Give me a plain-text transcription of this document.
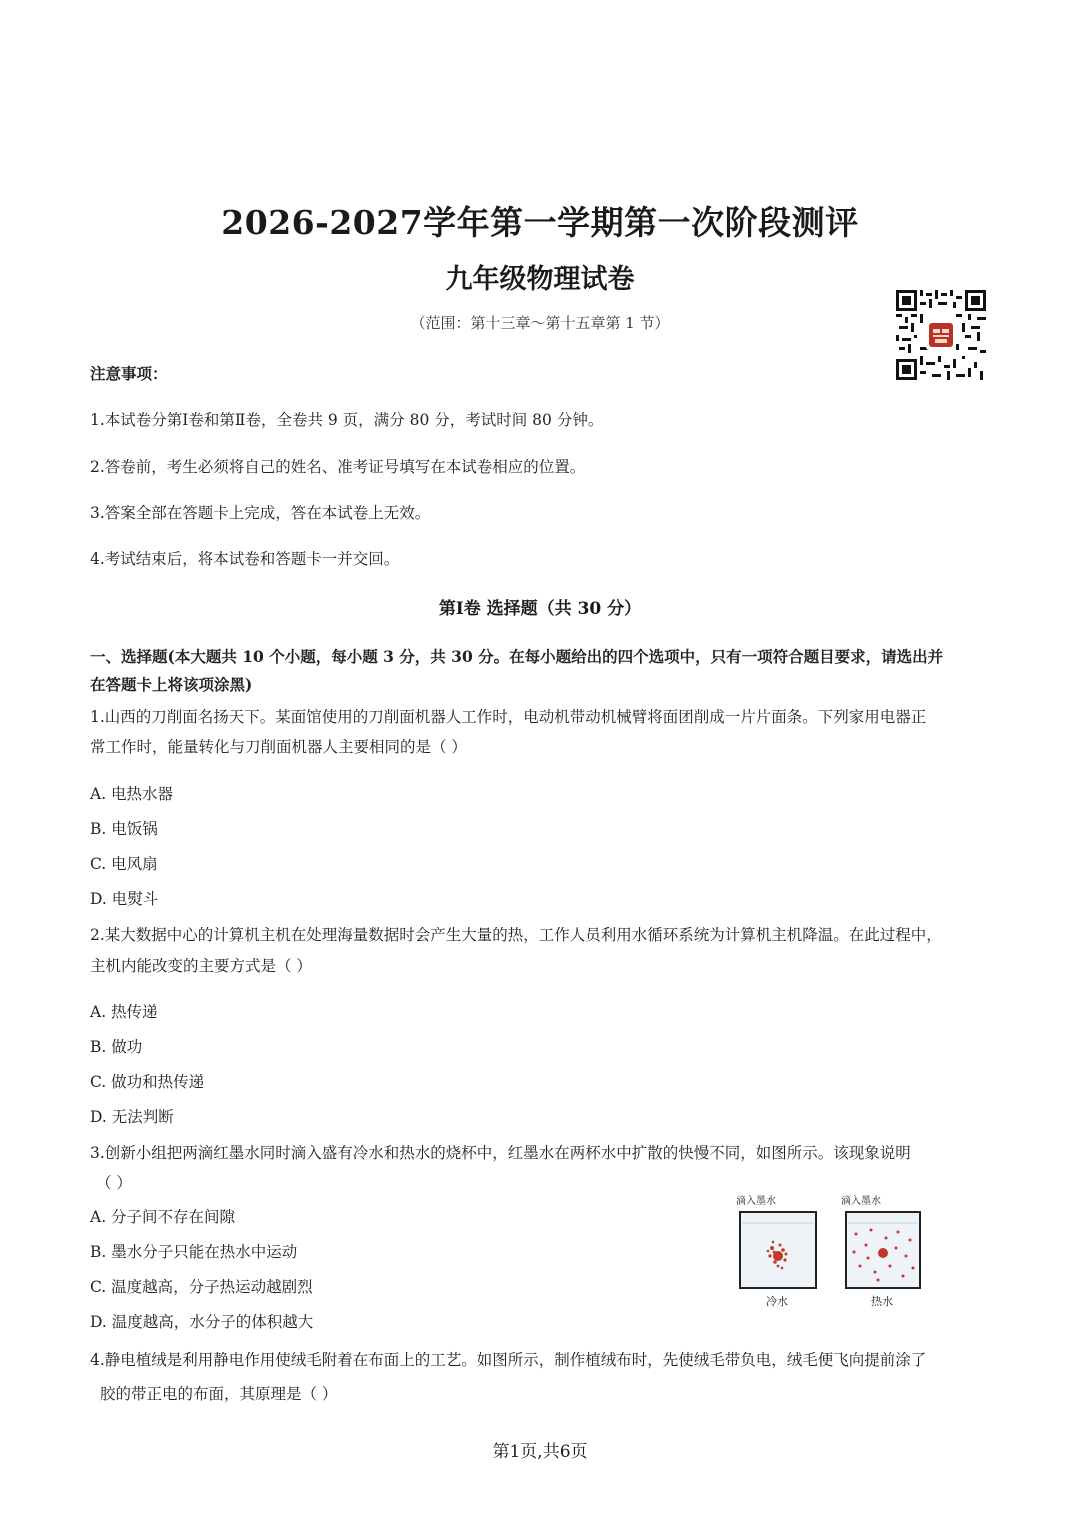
2026-2027学年第一学期第一次阶段测评
九年级物理试卷
（范围：第十三章～第十五章第 1 节）
注意事项：
1.本试卷分第Ⅰ卷和第Ⅱ卷，全卷共 9 页，满分 80 分，考试时间 80 分钟。
2.答卷前，考生必须将自己的姓名、准考证号填写在本试卷相应的位置。
3.答案全部在答题卡上完成，答在本试卷上无效。
4.考试结束后，将本试卷和答题卡一并交回。
第Ⅰ卷 选择题（共 30 分）
一、选择题(本大题共 10 个小题，每小题 3 分，共 30 分。在每小题给出的四个选项中，只有一项符合题目要求，请选出并
在答题卡上将该项涂黑)
1.山西的刀削面名扬天下。某面馆使用的刀削面机器人工作时，电动机带动机械臂将面团削成一片片面条。下列家用电器正
常工作时，能量转化与刀削面机器人主要相同的是（ ）
A. 电热水器
B. 电饭锅
C. 电风扇
D. 电熨斗
2.某大数据中心的计算机主机在处理海量数据时会产生大量的热，工作人员利用水循环系统为计算机主机降温。在此过程中，
主机内能改变的主要方式是（ ）
A. 热传递
B. 做功
C. 做功和热传递
D. 无法判断
3.创新小组把两滴红墨水同时滴入盛有冷水和热水的烧杯中，红墨水在两杯水中扩散的快慢不同，如图所示。该现象说明
（ ）
A. 分子间不存在间隙
B. 墨水分子只能在热水中运动
C. 温度越高，分子热运动越剧烈
D. 温度越高，水分子的体积越大
滴入墨水	滴入墨水
冷水	热水
4.静电植绒是利用静电作用使绒毛附着在布面上的工艺。如图所示，制作植绒布时，先使绒毛带负电，绒毛便飞向提前涂了
胶的带正电的布面，其原理是（ ）
第1页,共6页
